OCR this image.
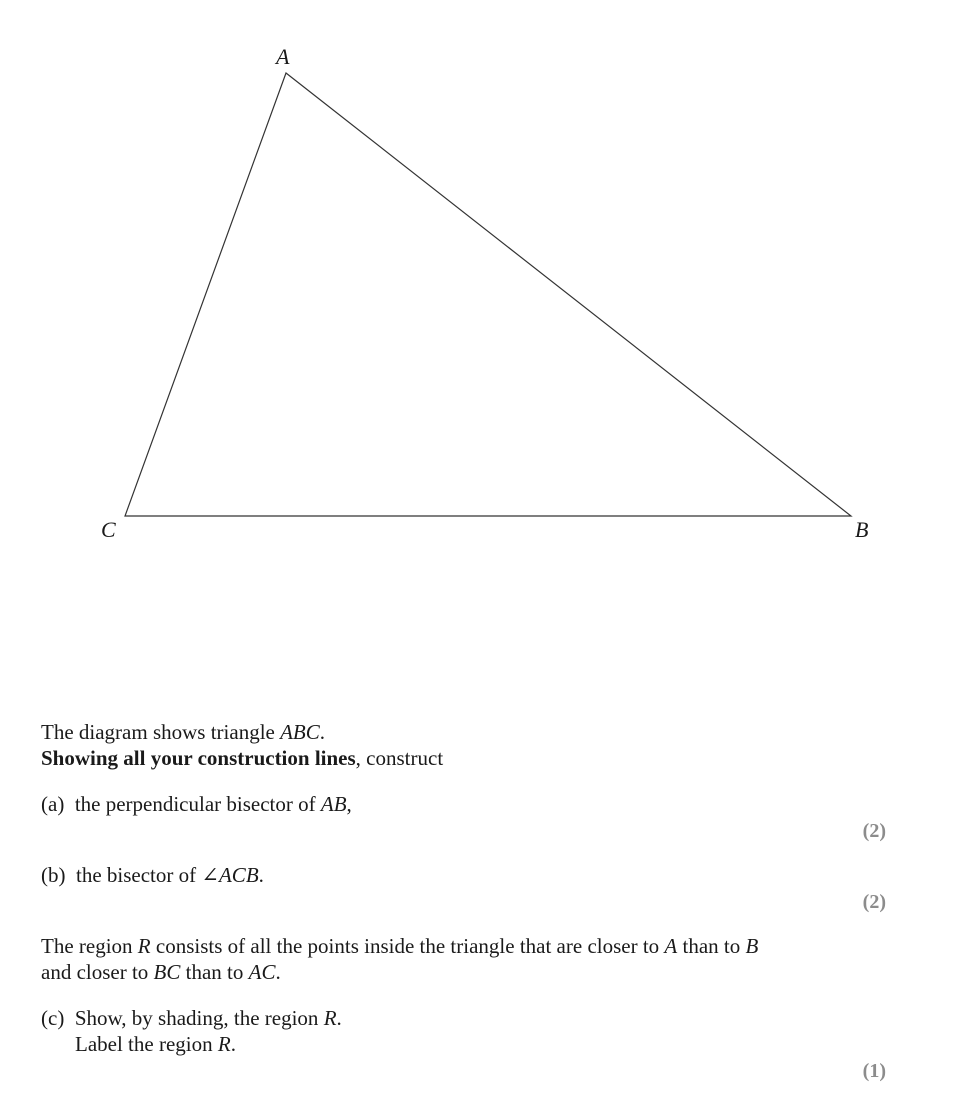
A
B
C
The diagram shows triangle ABC.
Showing all your construction lines, construct
(a) the perpendicular bisector of AB,
(2)
(b) the bisector of ∠ACB.
(2)
The region R consists of all the points inside the triangle that are closer to A than to B
and closer to BC than to AC.
(c) Show, by shading, the region R.
Label the region R.
(1)
